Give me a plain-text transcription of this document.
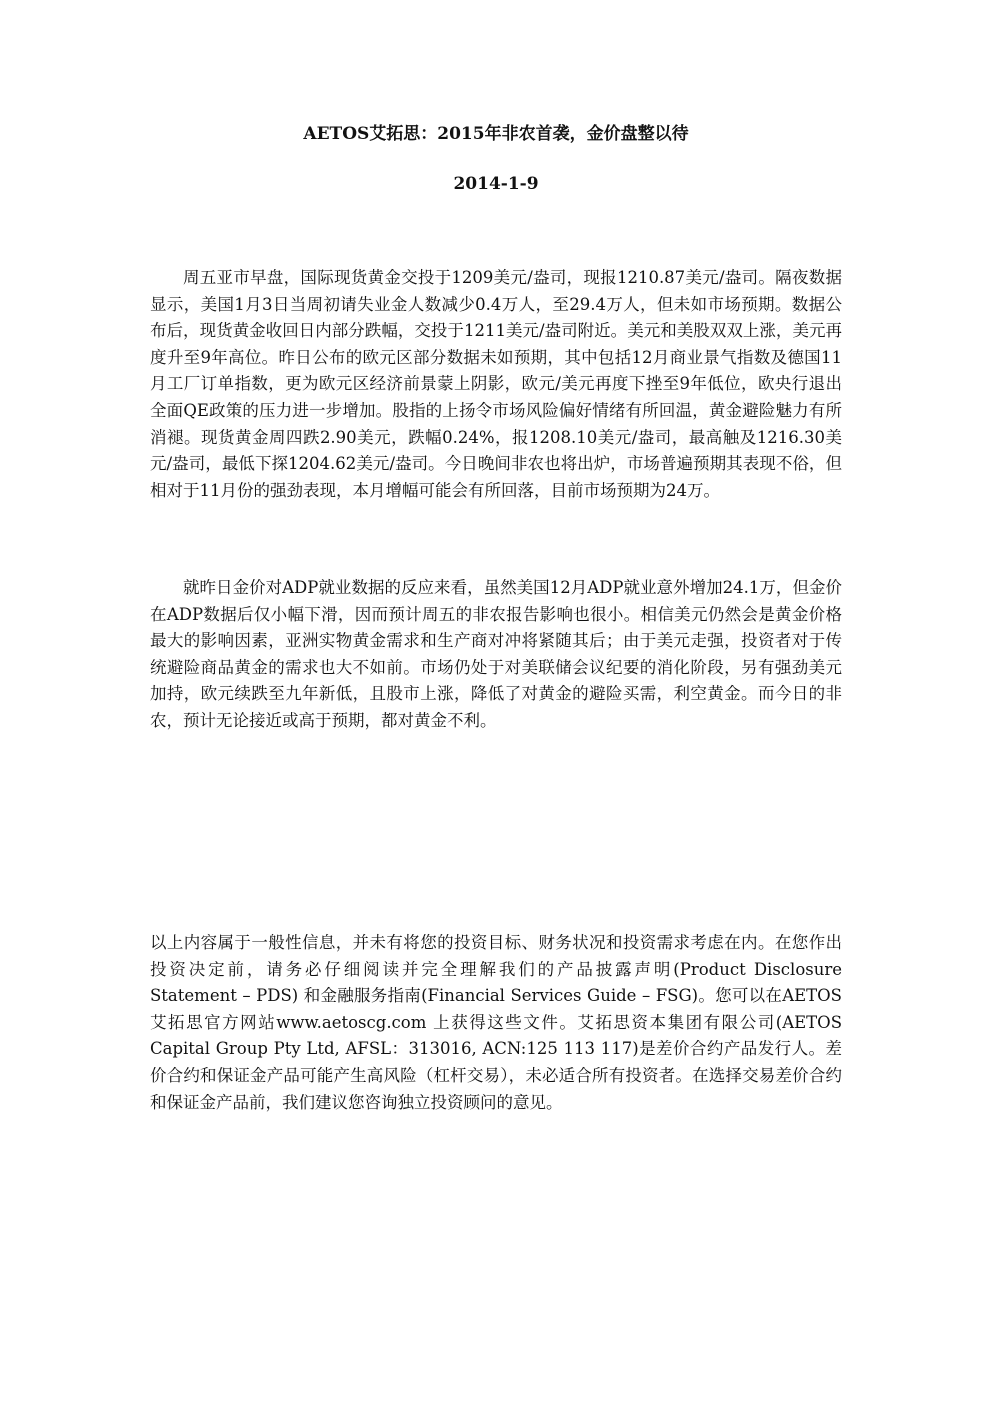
AETOS艾拓思：2015年非农首袭，金价盘整以待
2014-1-9

周五亚市早盘，国际现货黄金交投于1209美元/盎司，现报1210.87美元/盎司。隔夜数据显示，美国1月3日当周初请失业金人数减少0.4万人，至29.4万人，但未如市场预期。数据公布后，现货黄金收回日内部分跌幅，交投于1211美元/盎司附近。美元和美股双双上涨，美元再度升至9年高位。昨日公布的欧元区部分数据未如预期，其中包括12月商业景气指数及德国11月工厂订单指数，更为欧元区经济前景蒙上阴影，欧元/美元再度下挫至9年低位，欧央行退出全面QE政策的压力进一步增加。股指的上扬令市场风险偏好情绪有所回温，黄金避险魅力有所消褪。现货黄金周四跌2.90美元，跌幅0.24%，报1208.10美元/盎司，最高触及1216.30美元/盎司，最低下探1204.62美元/盎司。今日晚间非农也将出炉，市场普遍预期其表现不俗，但相对于11月份的强劲表现，本月增幅可能会有所回落，目前市场预期为24万。

就昨日金价对ADP就业数据的反应来看，虽然美国12月ADP就业意外增加24.1万，但金价在ADP数据后仅小幅下滑，因而预计周五的非农报告影响也很小。相信美元仍然会是黄金价格最大的影响因素，亚洲实物黄金需求和生产商对冲将紧随其后；由于美元走强，投资者对于传统避险商品黄金的需求也大不如前。市场仍处于对美联储会议纪要的消化阶段，另有强劲美元加持，欧元续跌至九年新低，且股市上涨，降低了对黄金的避险买需，利空黄金。而今日的非农，预计无论接近或高于预期，都对黄金不利。

以上内容属于一般性信息，并未有将您的投资目标、财务状况和投资需求考虑在内。在您作出投资决定前，请务必仔细阅读并完全理解我们的产品披露声明(Product Disclosure Statement – PDS) 和金融服务指南(Financial Services Guide – FSG)。您可以在AETOS艾拓思官方网站www.aetoscg.com 上获得这些文件。艾拓思资本集团有限公司(AETOS Capital Group Pty Ltd, AFSL：313016, ACN:125 113 117)是差价合约产品发行人。差价合约和保证金产品可能产生高风险（杠杆交易），未必适合所有投资者。在选择交易差价合约和保证金产品前，我们建议您咨询独立投资顾问的意见。
